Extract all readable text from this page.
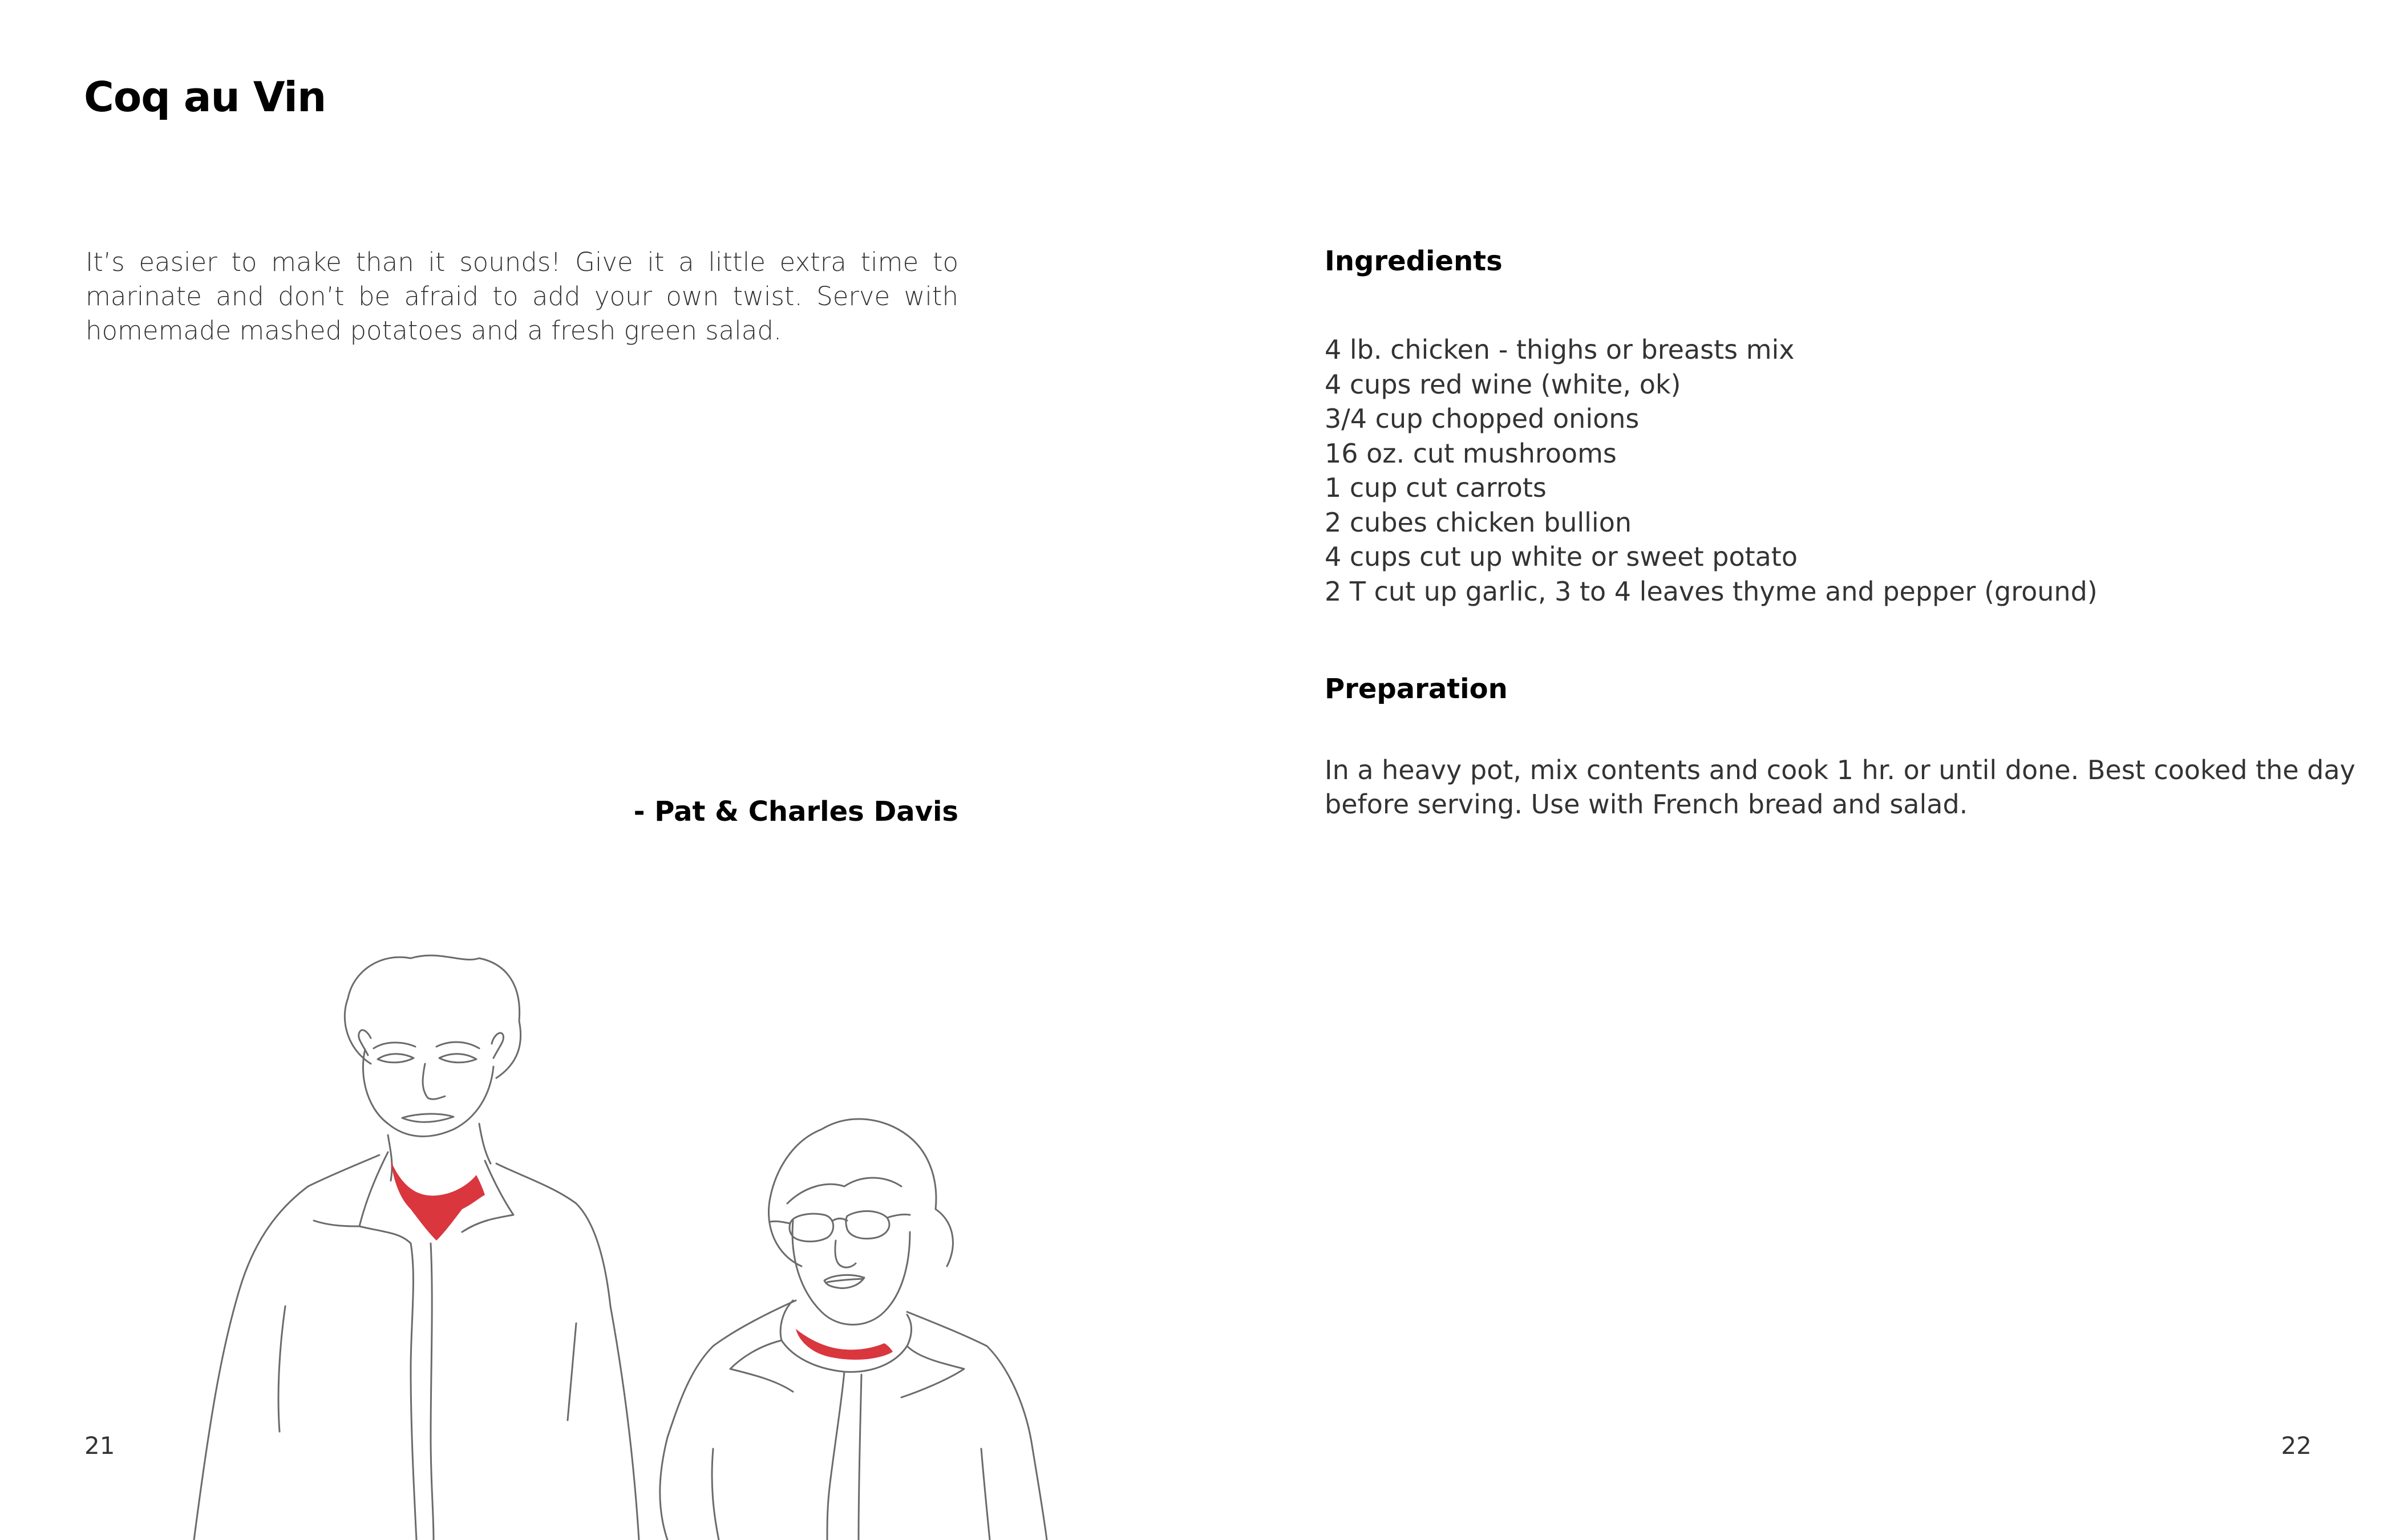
Coq au Vin

It’s easier to make than it sounds! Give it a little extra time to marinate and don’t be afraid to add your own twist. Serve with homemade mashed potatoes and a fresh green salad.

- Pat & Charles Davis
21
Ingredients
4 lb. chicken - thighs or breasts mix
4 cups red wine (white, ok)
3/4 cup chopped onions
16 oz. cut mushrooms
1 cup cut carrots
2 cubes chicken bullion
4 cups cut up white or sweet potato
2 T cut up garlic, 3 to 4 leaves thyme and pepper (ground)
Preparation

In a heavy pot, mix contents and cook 1 hr. or until done. Best cooked the day before serving. Use with French bread and salad.

22
